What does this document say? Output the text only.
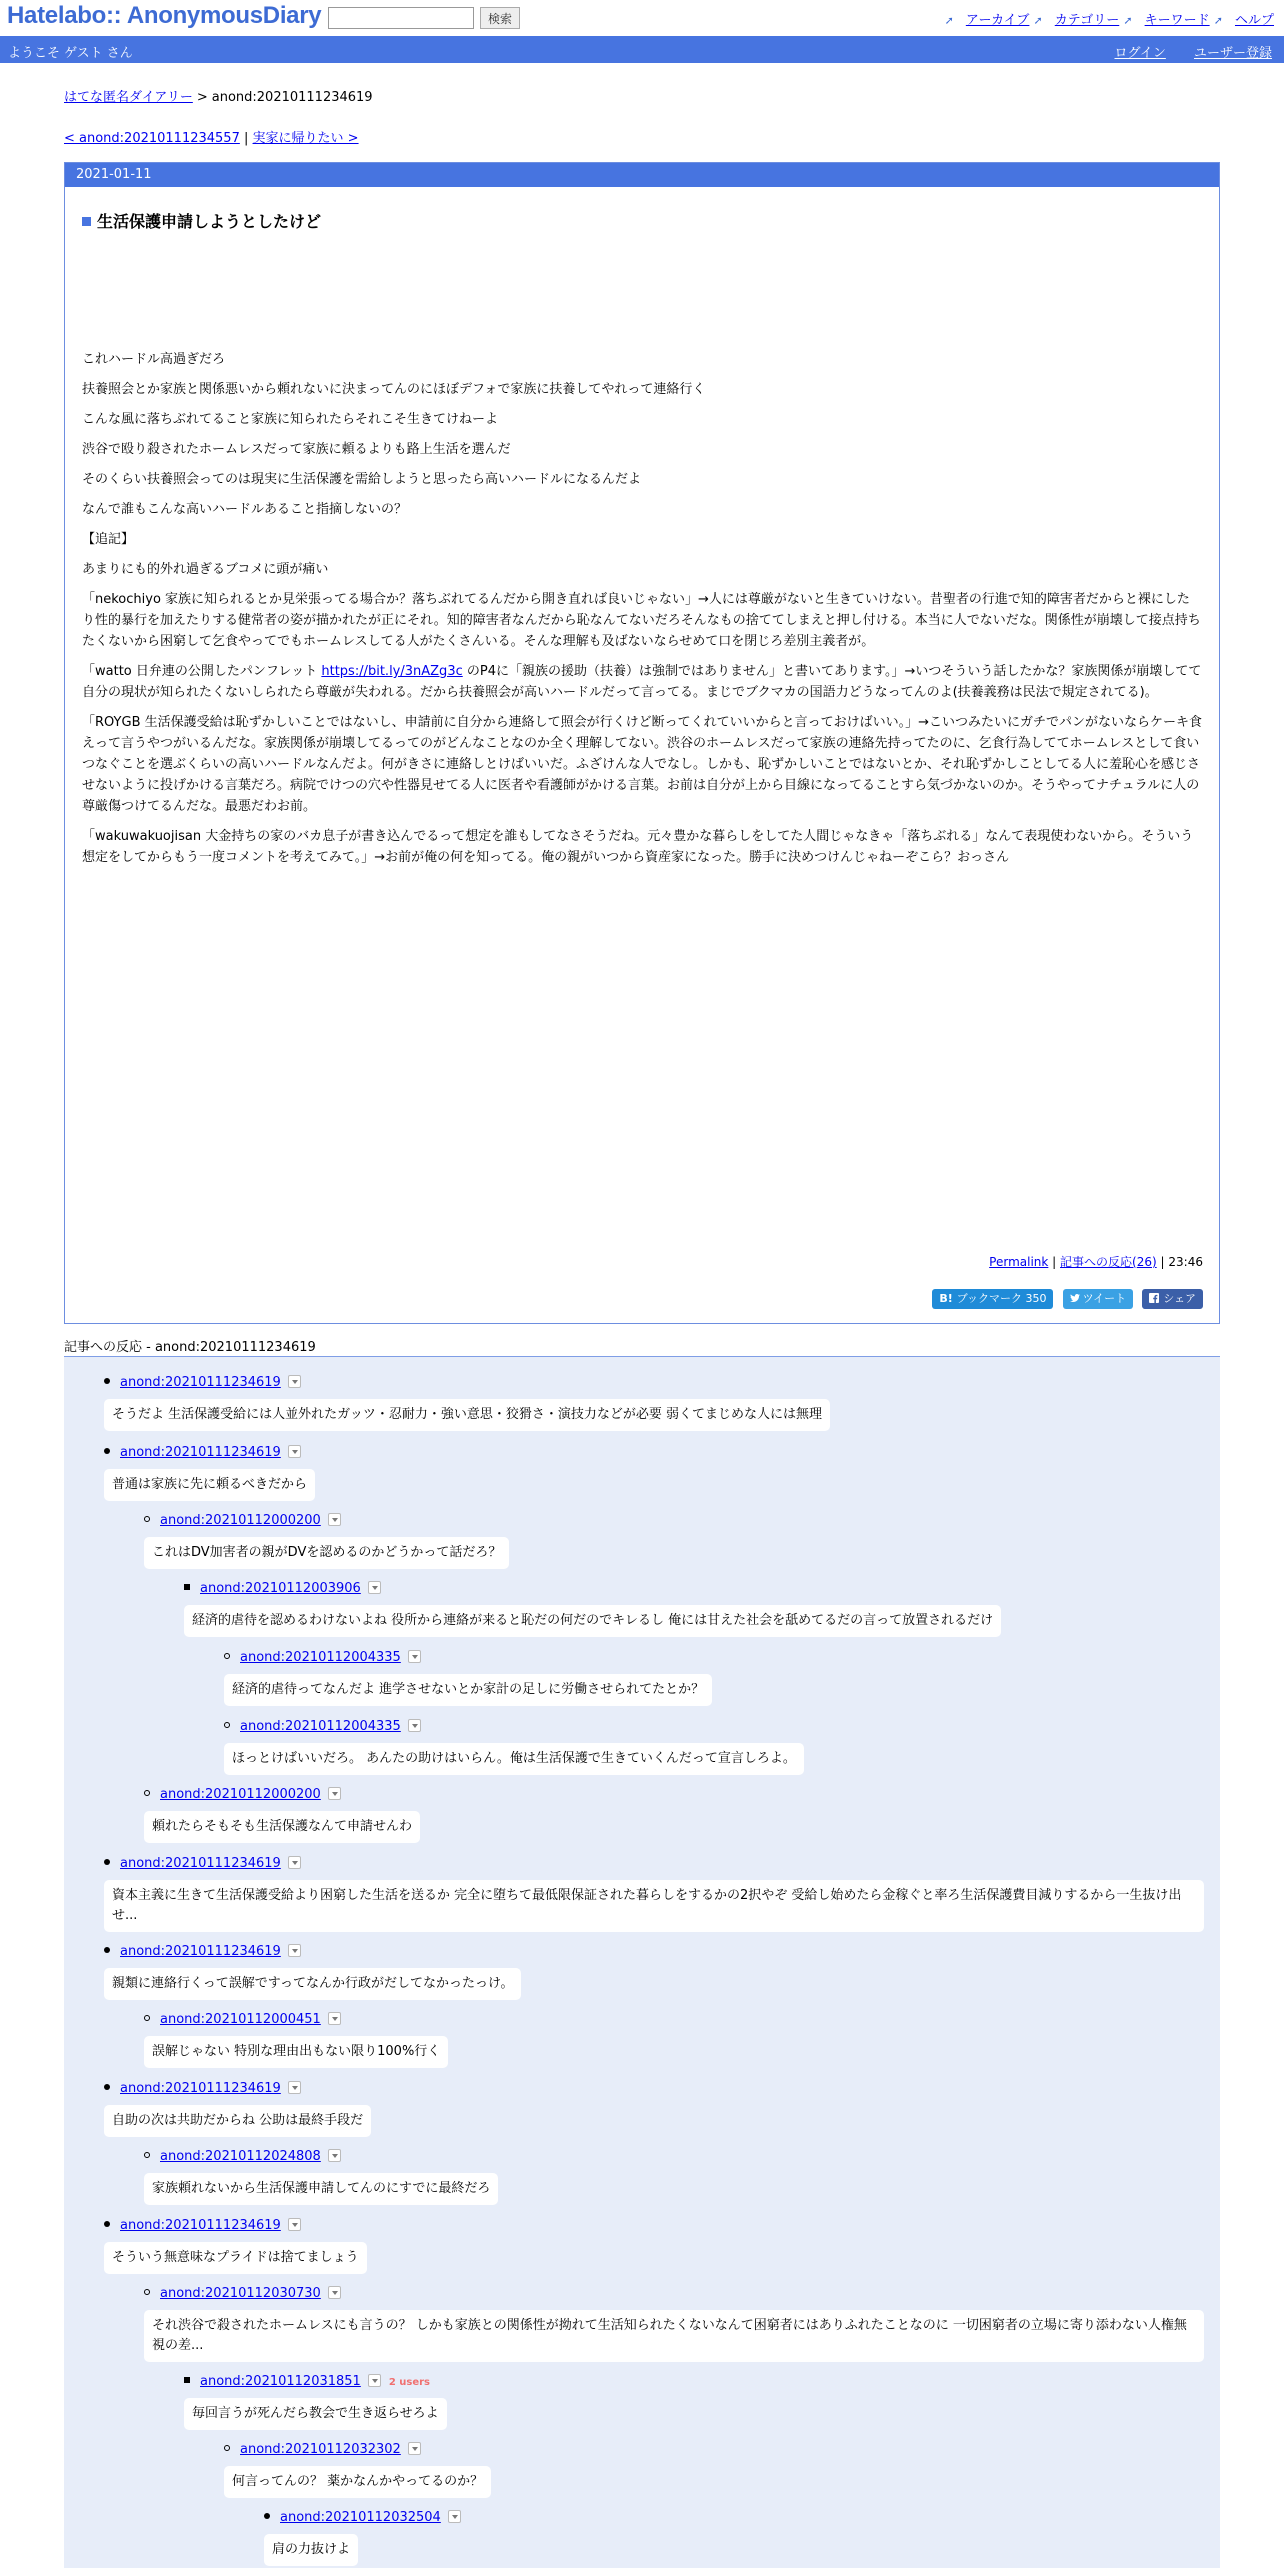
Hatelabo:: AnonymousDiary	検索	➚ アーカイブ ➚ カテゴリー ➚ キーワード ➚ ヘルプ
ようこそ ゲスト さん	ログイン ユーザー登録
はてな匿名ダイアリー > anond:20210111234619
< anond:20210111234557 | 実家に帰りたい >
2021-01-11
生活保護申請しようとしたけど

これハードル高過ぎだろ

扶養照会とか家族と関係悪いから頼れないに決まってんのにほぼデフォで家族に扶養してやれって連絡行く

こんな風に落ちぶれてること家族に知られたらそれこそ生きてけねーよ

渋谷で殴り殺されたホームレスだって家族に頼るよりも路上生活を選んだ

そのくらい扶養照会ってのは現実に生活保護を需給しようと思ったら高いハードルになるんだよ

なんで誰もこんな高いハードルあること指摘しないの？

【追記】

あまりにも的外れ過ぎるブコメに頭が痛い

「nekochiyo 家族に知られるとか見栄張ってる場合か？落ちぶれてるんだから開き直れば良いじゃない」→人には尊厳がないと生きていけない。昔聖者の行進で知的障害者だからと裸にしたり性的暴行を加えたりする健常者の姿が描かれたが正にそれ。知的障害者なんだから恥なんてないだろそんなもの捨ててしまえと押し付ける。本当に人でないだな。関係性が崩壊して接点持ちたくないから困窮して乞食やってでもホームレスしてる人がたくさんいる。そんな理解も及ばないならせめて口を閉じろ差別主義者が。

「watto 日弁連の公開したパンフレット https://bit.ly/3nAZg3c のP4に「親族の援助（扶養）は強制ではありません」と書いてあります。」→いつそういう話したかな？家族関係が崩壊してて自分の現状が知られたくないしられたら尊厳が失われる。だから扶養照会が高いハードルだって言ってる。まじでブクマカの国語力どうなってんのよ(扶養義務は民法で規定されてる)。

「ROYGB 生活保護受給は恥ずかしいことではないし、申請前に自分から連絡して照会が行くけど断ってくれていいからと言っておけばいい。」→こいつみたいにガチでパンがないならケーキ食えって言うやつがいるんだな。家族関係が崩壊してるってのがどんなことなのか全く理解してない。渋谷のホームレスだって家族の連絡先持ってたのに、乞食行為しててホームレスとして食いつなぐことを選ぶくらいの高いハードルなんだよ。何がきさに連絡しとけばいいだ。ふざけんな人でなし。しかも、恥ずかしいことではないとか、それ恥ずかしことしてる人に羞恥心を感じさせないように投げかける言葉だろ。病院でけつの穴や性器見せてる人に医者や看護師がかける言葉。お前は自分が上から目線になってることすら気づかないのか。そうやってナチュラルに人の尊厳傷つけてるんだな。最悪だわお前。

「wakuwakuojisan 大金持ちの家のバカ息子が書き込んでるって想定を誰もしてなさそうだね。元々豊かな暮らしをしてた人間じゃなきゃ「落ちぶれる」なんて表現使わないから。そういう想定をしてからもう一度コメントを考えてみて。」→お前が俺の何を知ってる。俺の親がいつから資産家になった。勝手に決めつけんじゃねーぞこら？おっさん

Permalink | 記事への反応(26) | 23:46
B! ブックマーク 350	ツイート	シェア
記事への反応 - anond:20210111234619
anond:20210111234619
そうだよ 生活保護受給には人並外れたガッツ・忍耐力・強い意思・狡猾さ・演技力などが必要 弱くてまじめな人には無理
anond:20210111234619
普通は家族に先に頼るべきだから
anond:20210112000200
これはDV加害者の親がDVを認めるのかどうかって話だろ？
anond:20210112003906
経済的虐待を認めるわけないよね 役所から連絡が来ると恥だの何だのでキレるし 俺には甘えた社会を舐めてるだの言って放置されるだけ
anond:20210112004335
経済的虐待ってなんだよ 進学させないとか家計の足しに労働させられてたとか？
anond:20210112004335
ほっとけばいいだろ。 あんたの助けはいらん。俺は生活保護で生きていくんだって宣言しろよ。
anond:20210112000200
頼れたらそもそも生活保護なんて申請せんわ
anond:20210111234619
資本主義に生きて生活保護受給より困窮した生活を送るか 完全に堕ちて最低限保証された暮らしをするかの2択やぞ 受給し始めたら金稼ぐと率ろ生活保護費目減りするから一生抜け出せ...
anond:20210111234619
親類に連絡行くって誤解ですってなんか行政がだしてなかったっけ。
anond:20210112000451
誤解じゃない 特別な理由出もない限り100%行く
anond:20210111234619
自助の次は共助だからね 公助は最終手段だ
anond:20210112024808
家族頼れないから生活保護申請してんのにすでに最終だろ
anond:20210111234619
そういう無意味なプライドは捨てましょう
anond:20210112030730
それ渋谷で殺されたホームレスにも言うの？ しかも家族との関係性が拗れて生活知られたくないなんて困窮者にはありふれたことなのに 一切困窮者の立場に寄り添わない人権無視の差...
anond:20210112031851	2 users
毎回言うが死んだら教会で生き返らせろよ
anond:20210112032302
何言ってんの？ 薬かなんかやってるのか？
anond:20210112032504
肩の力抜けよ
